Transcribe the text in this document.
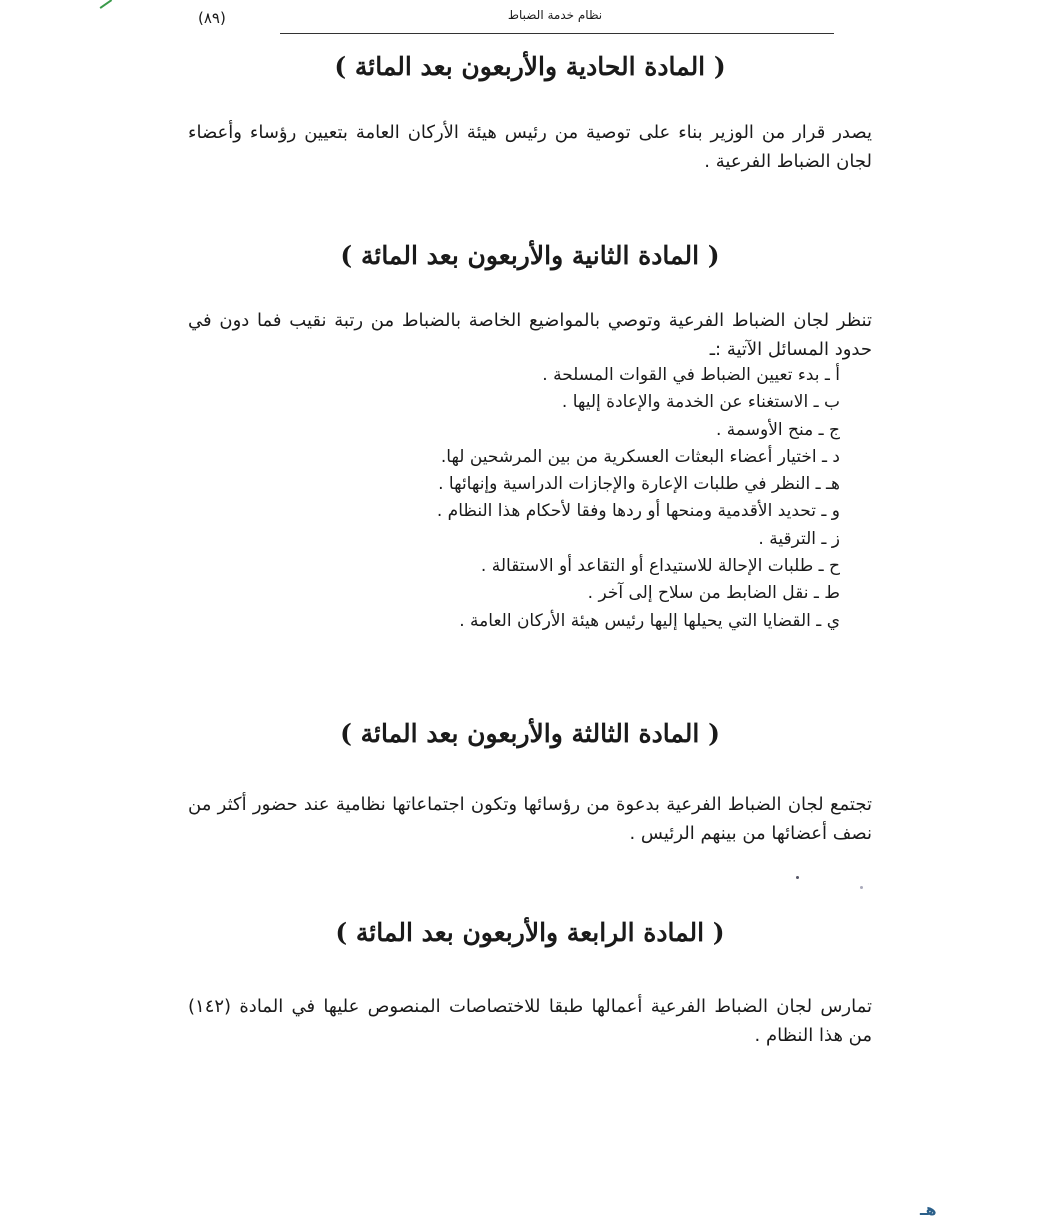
نظام خدمة الضباط
(٨٩)
( المادة الحادية والأربعون بعد المائة )
يصدر قرار من الوزير بناء على توصية من رئيس هيئة الأركان العامة بتعيين رؤساء وأعضاء لجان الضباط الفرعية .
( المادة الثانية والأربعون بعد المائة )
تنظر لجان الضباط الفرعية وتوصي بالمواضيع الخاصة بالضباط من رتبة نقيب فما دون في حدود المسائل الآتية :ـ
أ ـ بدء تعيين الضباط في القوات المسلحة .
ب ـ الاستغناء عن الخدمة والإعادة إليها .
ج ـ منح الأوسمة .
د ـ اختيار أعضاء البعثات العسكرية من بين المرشحين لها.
هـ ـ النظر في طلبات الإعارة والإجازات الدراسية وإنهائها .
و ـ تحديد الأقدمية ومنحها أو ردها وفقا لأحكام هذا النظام .
ز ـ الترقية .
ح ـ طلبات الإحالة للاستيداع أو التقاعد أو الاستقالة .
ط ـ نقل الضابط من سلاح إلى آخر .
ي ـ القضايا التي يحيلها إليها رئيس هيئة الأركان العامة .
( المادة الثالثة والأربعون بعد المائة )
تجتمع لجان الضباط الفرعية بدعوة من رؤسائها وتكون اجتماعاتها نظامية عند حضور أكثر من نصف أعضائها من بينهم الرئيس .
( المادة الرابعة والأربعون بعد المائة )
تمارس لجان الضباط الفرعية أعمالها طبقا للاختصاصات المنصوص عليها في المادة (١٤٢) من هذا النظام .
هـ
